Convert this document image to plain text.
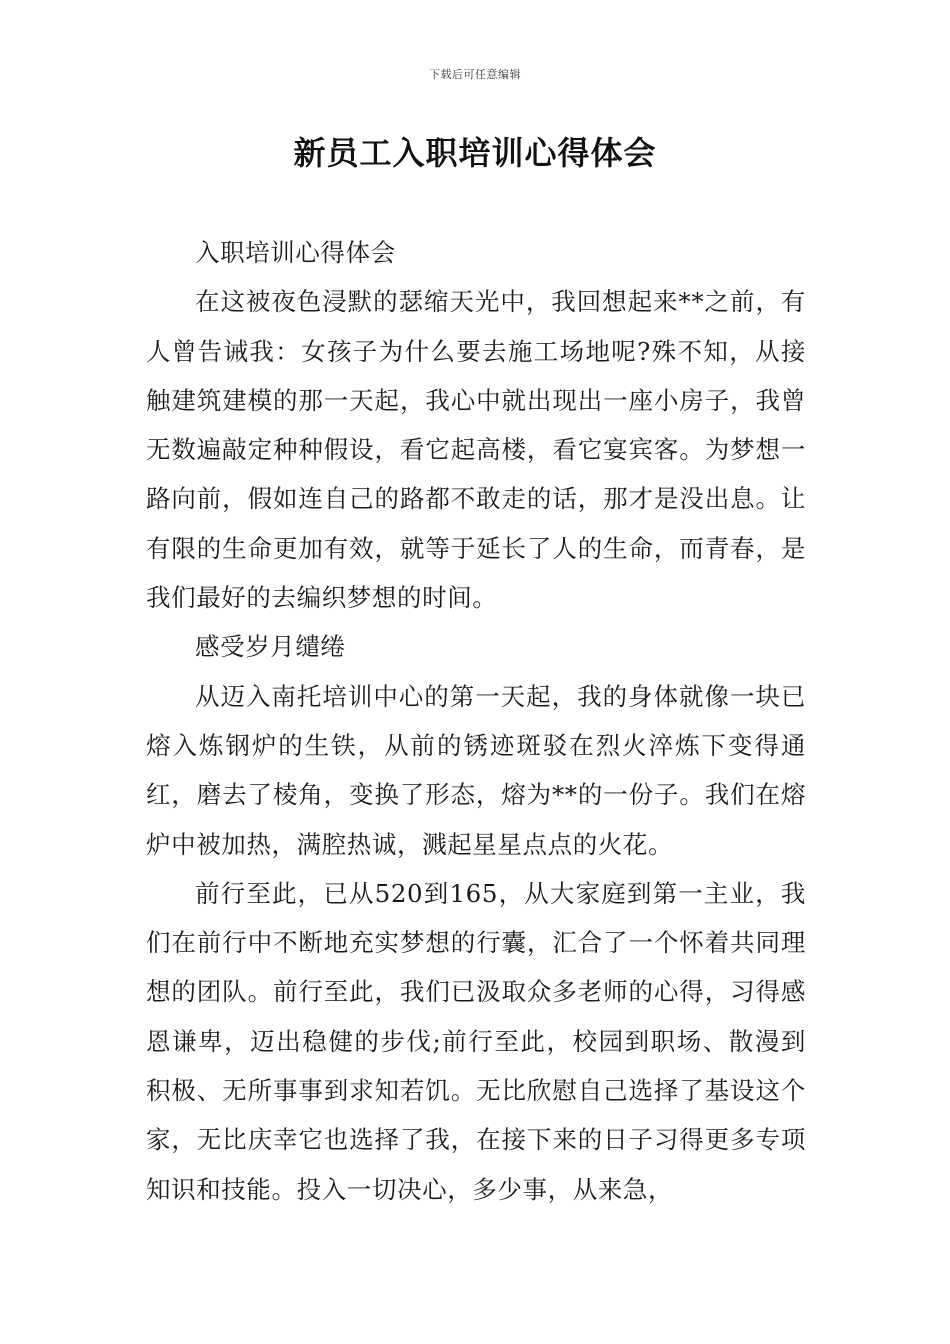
下载后可任意编辑
新员工入职培训心得体会

入职培训心得体会

在这被夜色浸默的瑟缩天光中，我回想起来**之前，有人曾告诫我：女孩子为什么要去施工场地呢?殊不知，从接触建筑建模的那一天起，我心中就出现出一座小房子，我曾无数遍敲定种种假设，看它起高楼，看它宴宾客。为梦想一路向前，假如连自己的路都不敢走的话，那才是没出息。让有限的生命更加有效，就等于延长了人的生命，而青春，是我们最好的去编织梦想的时间。

感受岁月缱绻

从迈入南托培训中心的第一天起，我的身体就像一块已熔入炼钢炉的生铁，从前的锈迹斑驳在烈火淬炼下变得通红，磨去了棱角，变换了形态，熔为**的一份子。我们在熔炉中被加热，满腔热诚，溅起星星点点的火花。

前行至此，已从520到165，从大家庭到第一主业，我们在前行中不断地充实梦想的行囊，汇合了一个怀着共同理想的团队。前行至此，我们已汲取众多老师的心得，习得感恩谦卑，迈出稳健的步伐;前行至此，校园到职场、散漫到积极、无所事事到求知若饥。无比欣慰自己选择了基设这个家，无比庆幸它也选择了我，在接下来的日子习得更多专项知识和技能。投入一切决心，多少事，从来急，
